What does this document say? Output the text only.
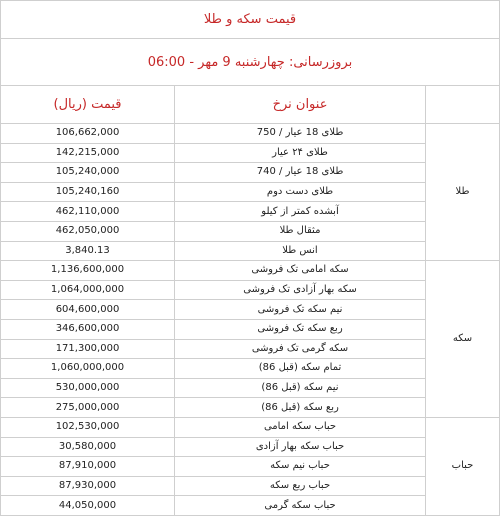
قیمت سکه و طلا		
بروزرسانی: چهارشنبه 9 مهر - 06:00		
	عنوان نرخ	قیمت (ریال)
طلا	طلای 18 عیار / 750	106,662,000
	طلای ۲۴ عیار	142,215,000
	طلای 18 عیار / 740	105,240,000
	طلای دست دوم	105,240,160
	آبشده کمتر از کیلو	462,110,000
	مثقال طلا	462,050,000
	انس طلا	3,840.13
سکه	سکه امامی تک فروشی	1,136,600,000
	سکه بهار آزادی تک فروشی	1,064,000,000
	نیم سکه تک فروشی	604,600,000
	ربع سکه تک فروشی	346,600,000
	سکه گرمی تک فروشی	171,300,000
	تمام سکه (قبل 86)	1,060,000,000
	نیم سکه (قبل 86)	530,000,000
	ربع سکه (قبل 86)	275,000,000
حباب	حباب سکه امامی	102,530,000
	حباب سکه بهار آزادی	30,580,000
	حباب نیم سکه	87,910,000
	حباب ربع سکه	87,930,000
	حباب سکه گرمی	44,050,000
